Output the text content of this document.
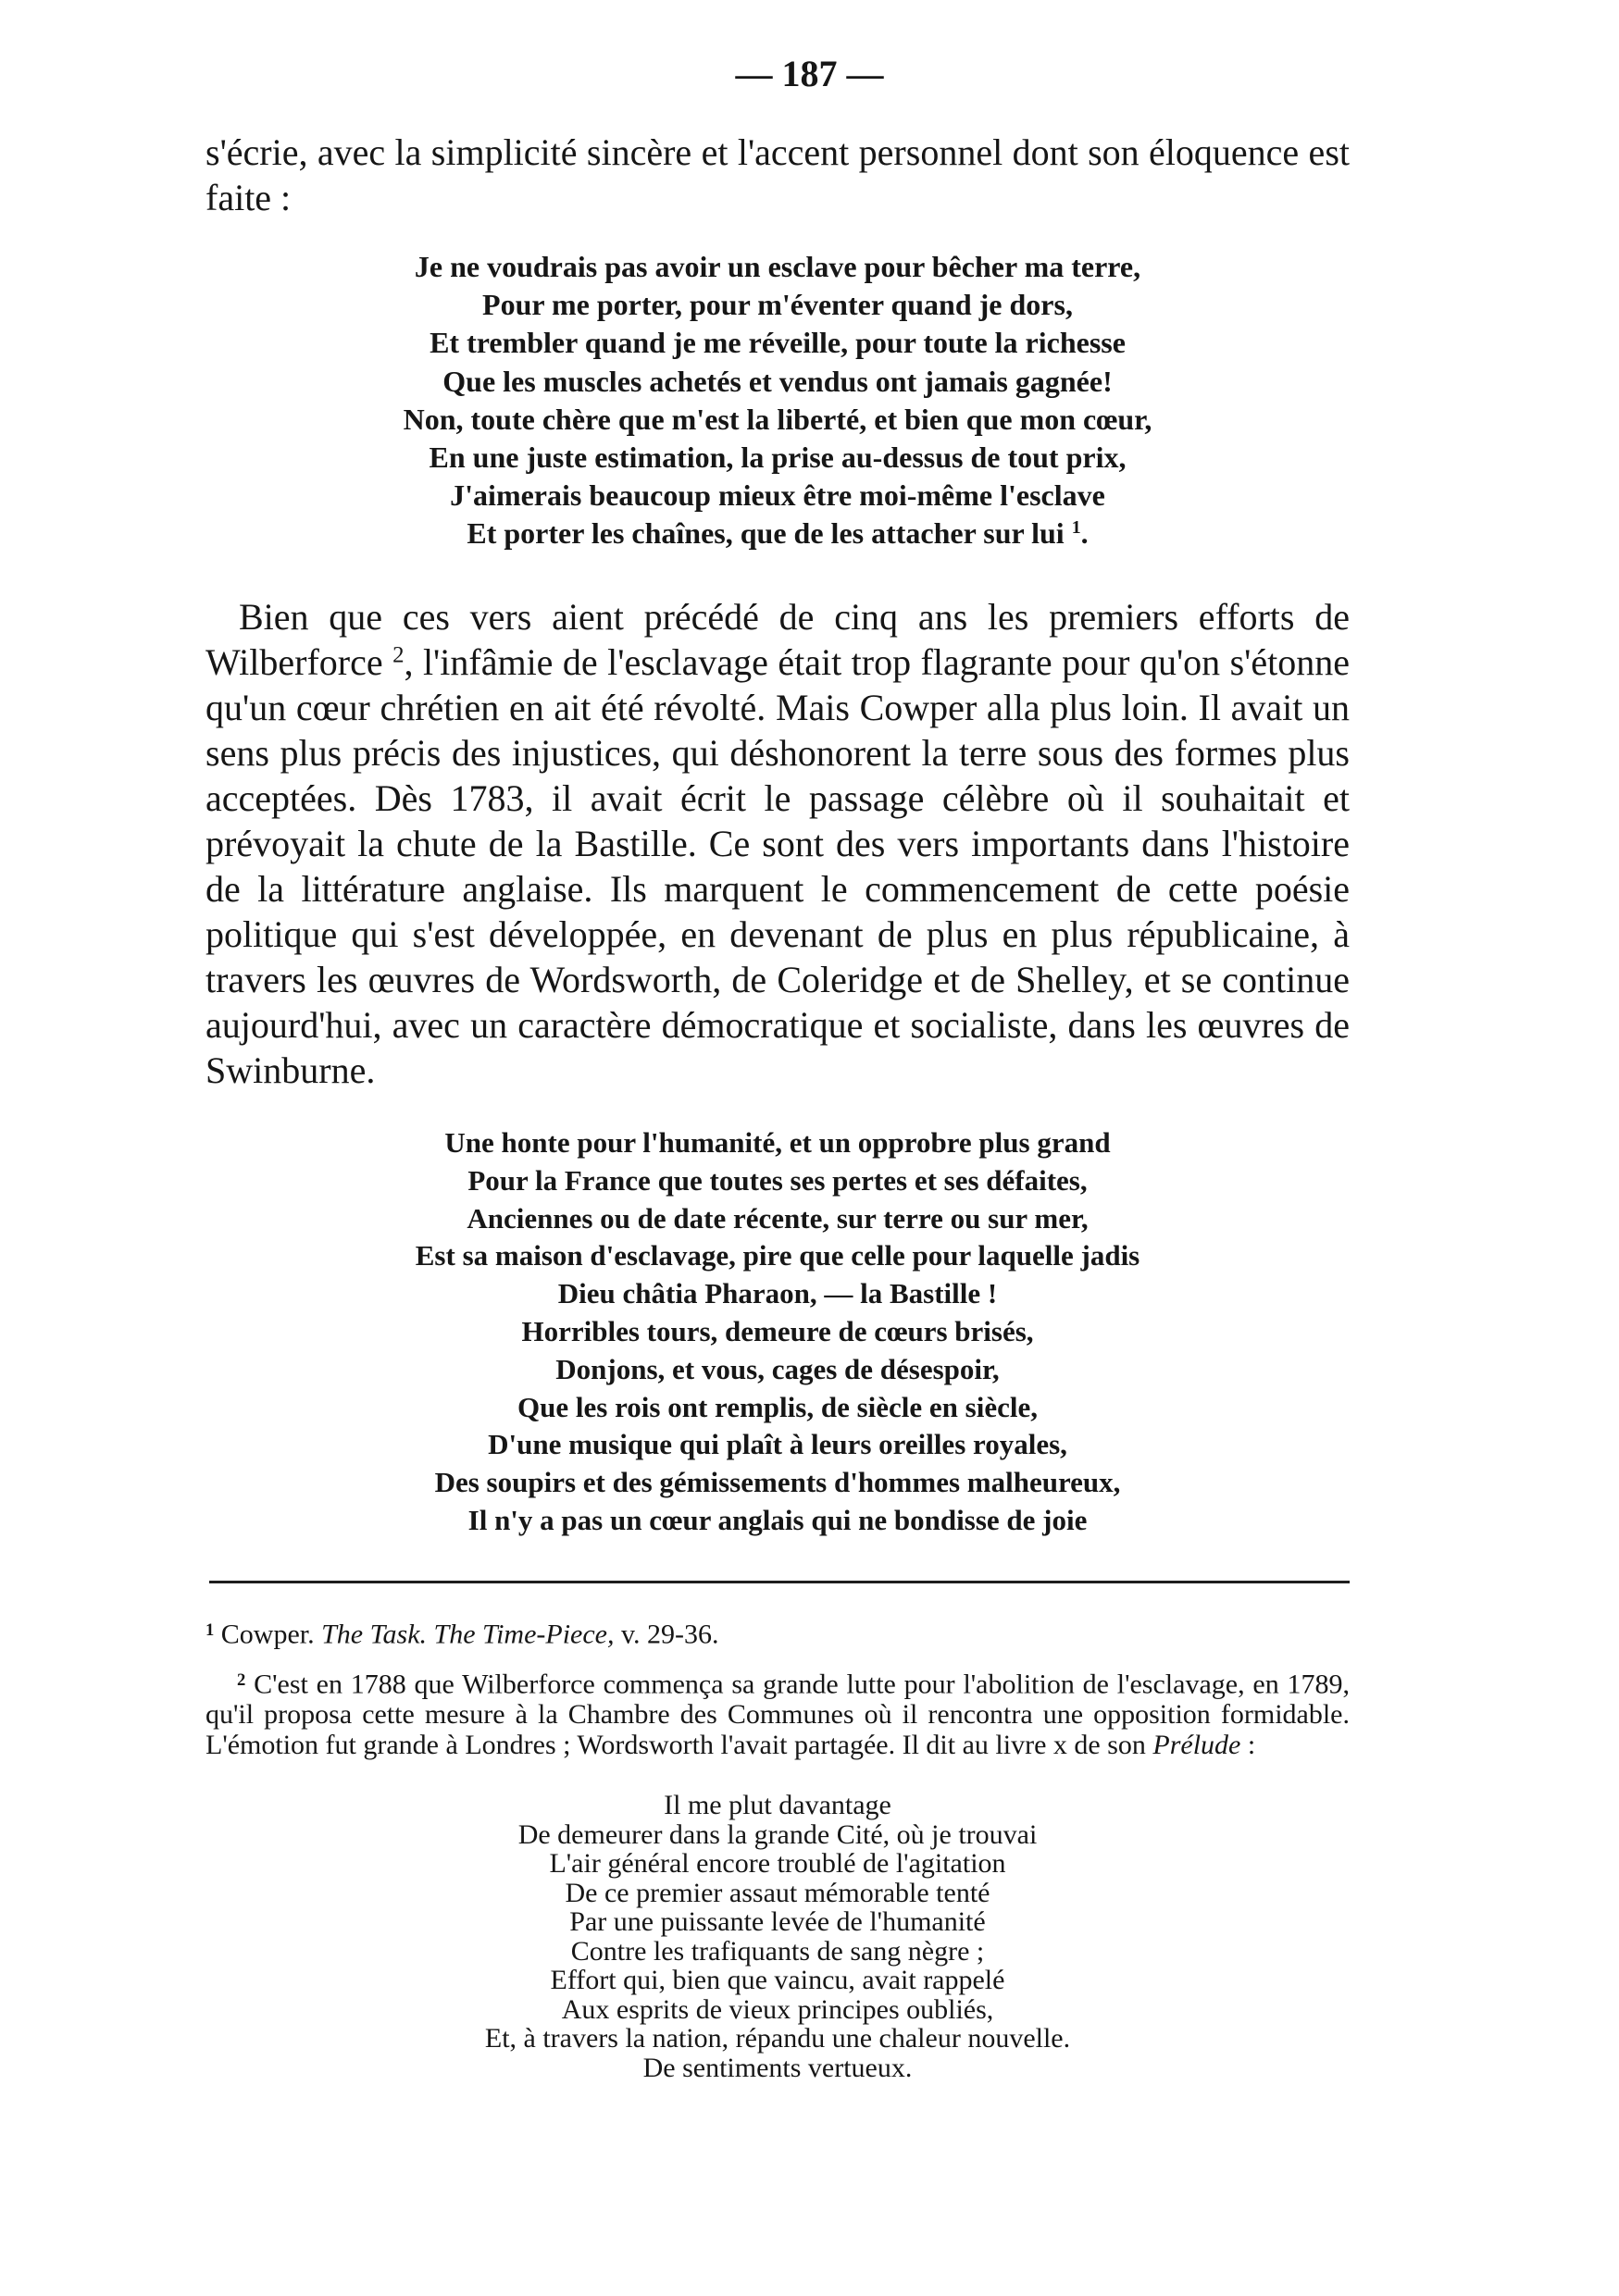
— 187 —

s'écrie, avec la simplicité sincère et l'accent personnel dont son éloquence est faite :

Je ne voudrais pas avoir un esclave pour bêcher ma terre,
Pour me porter, pour m'éventer quand je dors,
Et trembler quand je me réveille, pour toute la richesse
Que les muscles achetés et vendus ont jamais gagnée!
Non, toute chère que m'est la liberté, et bien que mon cœur,
En une juste estimation, la prise au-dessus de tout prix,
J'aimerais beaucoup mieux être moi-même l'esclave
Et porter les chaînes, que de les attacher sur lui $^1$.

Bien que ces vers aient précédé de cinq ans les premiers efforts de Wilberforce $^2$, l'infâmie de l'esclavage était trop flagrante pour qu'on s'étonne qu'un cœur chrétien en ait été révolté. Mais Cowper alla plus loin. Il avait un sens plus précis des injustices, qui déshonorent la terre sous des formes plus acceptées. Dès 1783, il avait écrit le passage célèbre où il souhaitait et prévoyait la chute de la Bastille. Ce sont des vers importants dans l'histoire de la littérature anglaise. Ils marquent le commencement de cette poésie politique qui s'est développée, en devenant de plus en plus républicaine, à travers les œuvres de Wordsworth, de Coleridge et de Shelley, et se continue aujourd'hui, avec un caractère démocratique et socialiste, dans les œuvres de Swinburne.

Une honte pour l'humanité, et un opprobre plus grand
Pour la France que toutes ses pertes et ses défaites,
Anciennes ou de date récente, sur terre ou sur mer,
Est sa maison d'esclavage, pire que celle pour laquelle jadis
Dieu châtia Pharaon, — la Bastille !
Horribles tours, demeure de cœurs brisés,
Donjons, et vous, cages de désespoir,
Que les rois ont remplis, de siècle en siècle,
D'une musique qui plaît à leurs oreilles royales,
Des soupirs et des gémissements d'hommes malheureux,
Il n'y a pas un cœur anglais qui ne bondisse de joie

$^1$ Cowper. The Task. The Time-Piece, v. 29-36.

$^2$ C'est en 1788 que Wilberforce commença sa grande lutte pour l'abolition de l'esclavage, en 1789, qu'il proposa cette mesure à la Chambre des Communes où il rencontra une opposition formidable. L'émotion fut grande à Londres ; Wordsworth l'avait partagée. Il dit au livre x de son Prélude :

Il me plut davantage
De demeurer dans la grande Cité, où je trouvai
L'air général encore troublé de l'agitation
De ce premier assaut mémorable tenté
Par une puissante levée de l'humanité
Contre les trafiquants de sang nègre ;
Effort qui, bien que vaincu, avait rappelé
Aux esprits de vieux principes oubliés,
Et, à travers la nation, répandu une chaleur nouvelle.
De sentiments vertueux.
